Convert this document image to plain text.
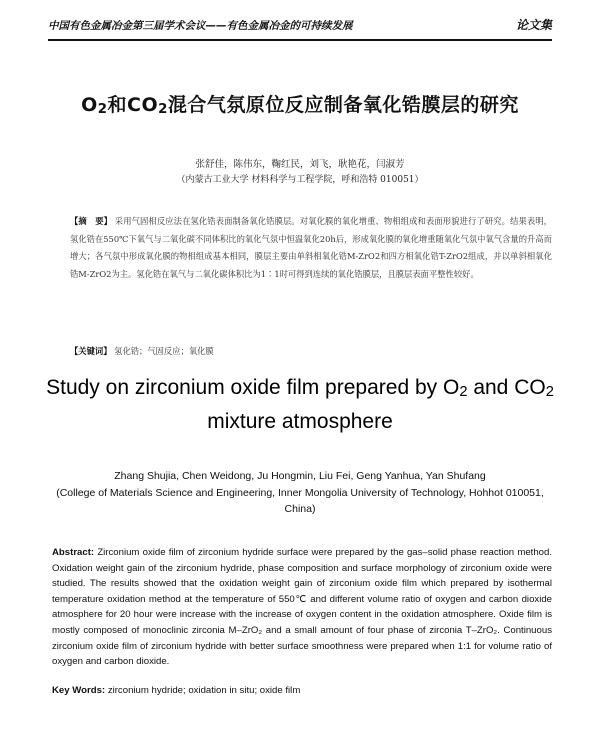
中国有色金属冶金第三届学术会议——有色金属冶金的可持续发展	论文集
$O_2$和$CO_2$混合气氛原位反应制备氧化锆膜层的研究
张舒佳，陈伟东，鞠红民，刘飞，耿艳花，闫淑芳
（内蒙古工业大学 材料科学与工程学院，呼和浩特 010051）
【摘　要】 采用气固相反应法在氢化锆表面制备氧化锆膜层。对氧化膜的氧化增重、物相组成和表面形貌进行了研究。结果表明，氢化锆在550℃下氧气与二氧化碳不同体积比的氧化气氛中恒温氧化20h后，形成氧化膜的氧化增重随氧化气氛中氧气含量的升高而增大；各气氛中形成氧化膜的物相组成基本相同，膜层主要由单斜相氧化锆M-ZrO2和四方相氧化锆T-ZrO2组成，并以单斜相氧化锆M-ZrO2为主。氢化锆在氧气与二氧化碳体积比为1∶1时可得到连续的氧化锆膜层，且膜层表面平整性较好。
【关键词】 氢化锆；气固反应；氧化膜
Study on zirconium oxide film prepared by $O_2$ and $CO_2$
mixture atmosphere
Zhang Shujia, Chen Weidong, Ju Hongmin, Liu Fei, Geng Yanhua, Yan Shufang
(College of Materials Science and Engineering, Inner Mongolia University of Technology, Hohhot 010051, China)
Abstract: Zirconium oxide film of zirconium hydride surface were prepared by the gas–solid phase reaction method. Oxidation weight gain of the zirconium hydride, phase composition and surface morphology of zirconium oxide were studied. The results showed that the oxidation weight gain of zirconium oxide film which prepared by isothermal temperature oxidation method at the temperature of 550℃ and different volume ratio of oxygen and carbon dioxide atmosphere for 20 hour were increase with the increase of oxygen content in the oxidation atmosphere. Oxide film is mostly composed of monoclinic zirconia M–ZrO₂ and a small amount of four phase of zirconia T–ZrO₂. Continuous zirconium oxide film of zirconium hydride with better surface smoothness were prepared when 1:1 for volume ratio of oxygen and carbon dioxide.
Key Words: zirconium hydride; oxidation in situ; oxide film
